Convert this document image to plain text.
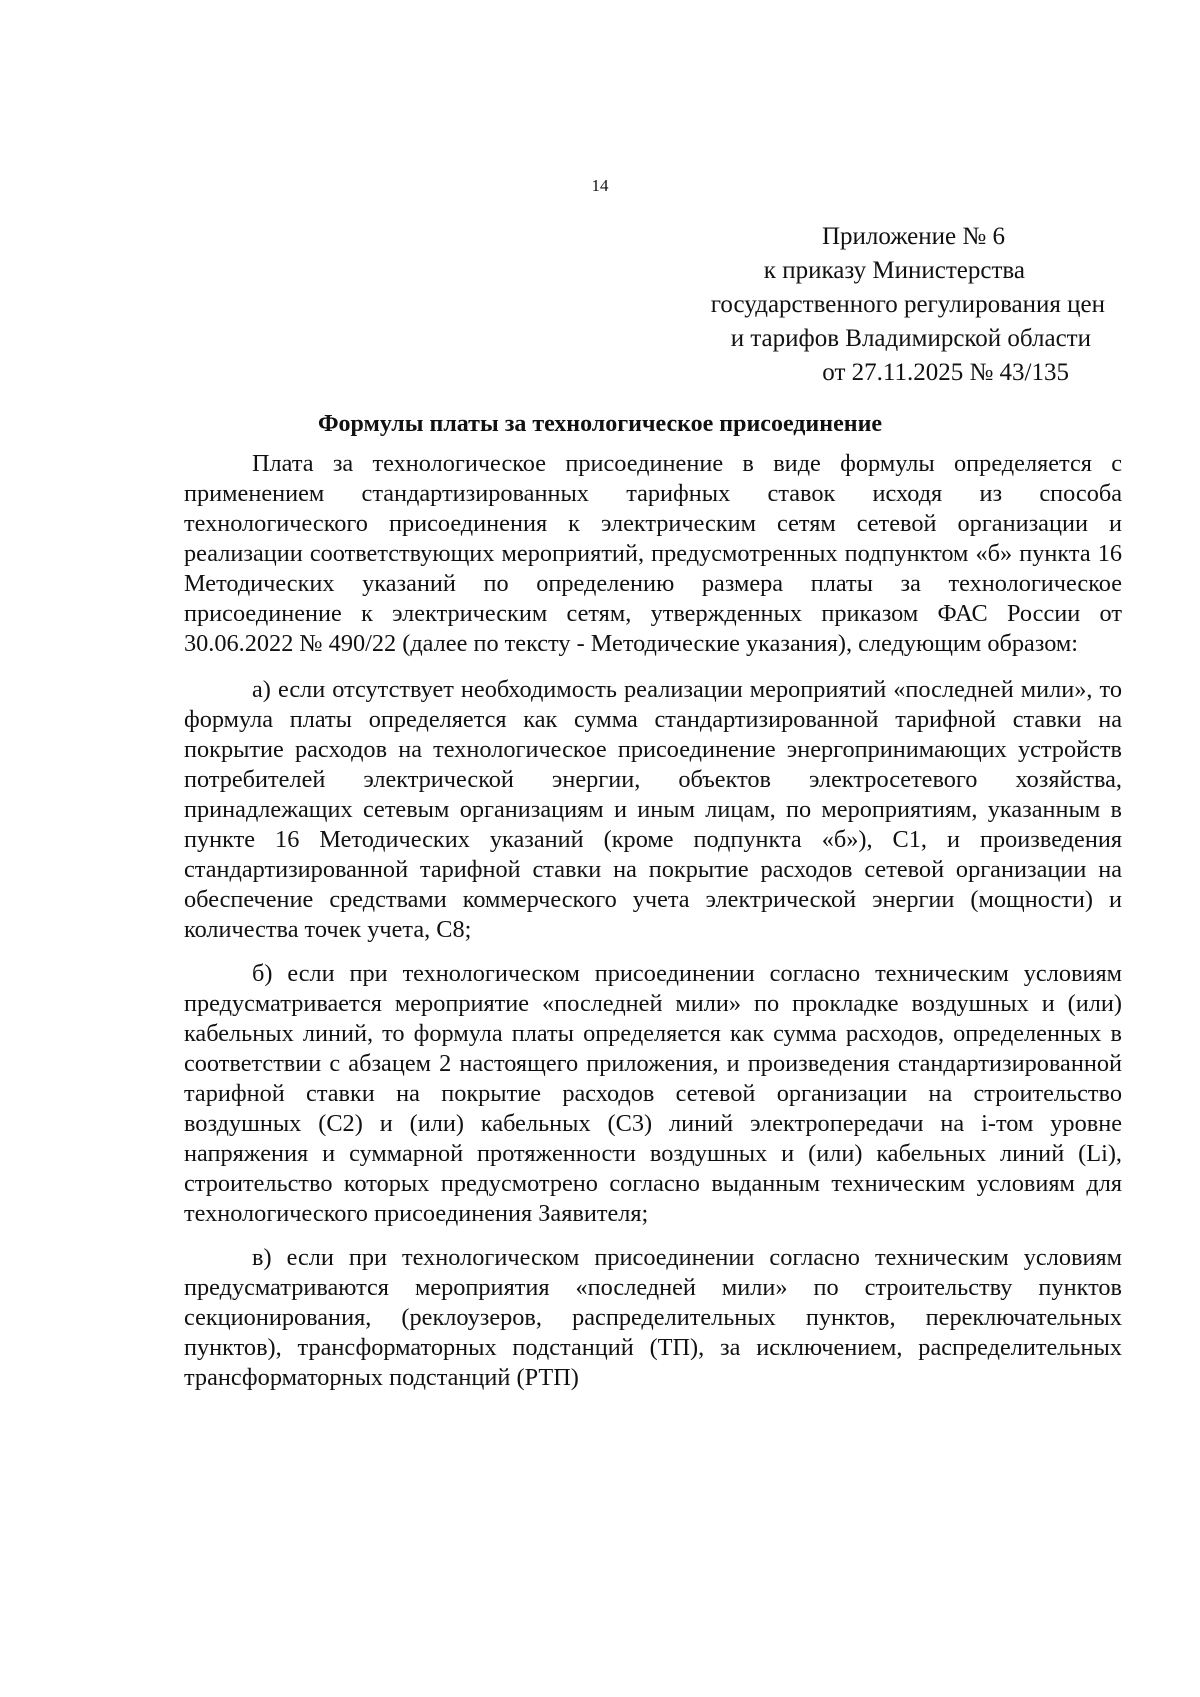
14
Приложение № 6
к приказу Министерства
государственного регулирования цен
и тарифов Владимирской области
от 27.11.2025 № 43/135
Формулы платы за технологическое присоединение

Плата за технологическое присоединение в виде формулы определяется с применением стандартизированных тарифных ставок исходя из способа технологического присоединения к электрическим сетям сетевой организации и реализации соответствующих мероприятий, предусмотренных подпунктом «б» пункта 16 Методических указаний по определению размера платы за технологическое присоединение к электрическим сетям, утвержденных приказом ФАС России от 30.06.2022 № 490/22 (далее по тексту - Методические указания), следующим образом:

а) если отсутствует необходимость реализации мероприятий «последней мили», то формула платы определяется как сумма стандартизированной тарифной ставки на покрытие расходов на технологическое присоединение энергопринимающих устройств потребителей электрической энергии, объектов электросетевого хозяйства, принадлежащих сетевым организациям и иным лицам, по мероприятиям, указанным в пункте 16 Методических указаний (кроме подпункта «б»), С1, и произведения стандартизированной тарифной ставки на покрытие расходов сетевой организации на обеспечение средствами коммерческого учета электрической энергии (мощности) и количества точек учета, С8;

б) если при технологическом присоединении согласно техническим условиям предусматривается мероприятие «последней мили» по прокладке воздушных и (или) кабельных линий, то формула платы определяется как сумма расходов, определенных в соответствии с абзацем 2 настоящего приложения, и произведения стандартизированной тарифной ставки на покрытие расходов сетевой организации на строительство воздушных (С2) и (или) кабельных (С3) линий электропередачи на i-том уровне напряжения и суммарной протяженности воздушных и (или) кабельных линий (Li), строительство которых предусмотрено согласно выданным техническим условиям для технологического присоединения Заявителя;

в) если при технологическом присоединении согласно техническим условиям предусматриваются мероприятия «последней мили» по строительству пунктов секционирования, (реклоузеров, распределительных пунктов, переключательных пунктов), трансформаторных подстанций (ТП), за исключением, распределительных трансформаторных подстанций (РТП)
